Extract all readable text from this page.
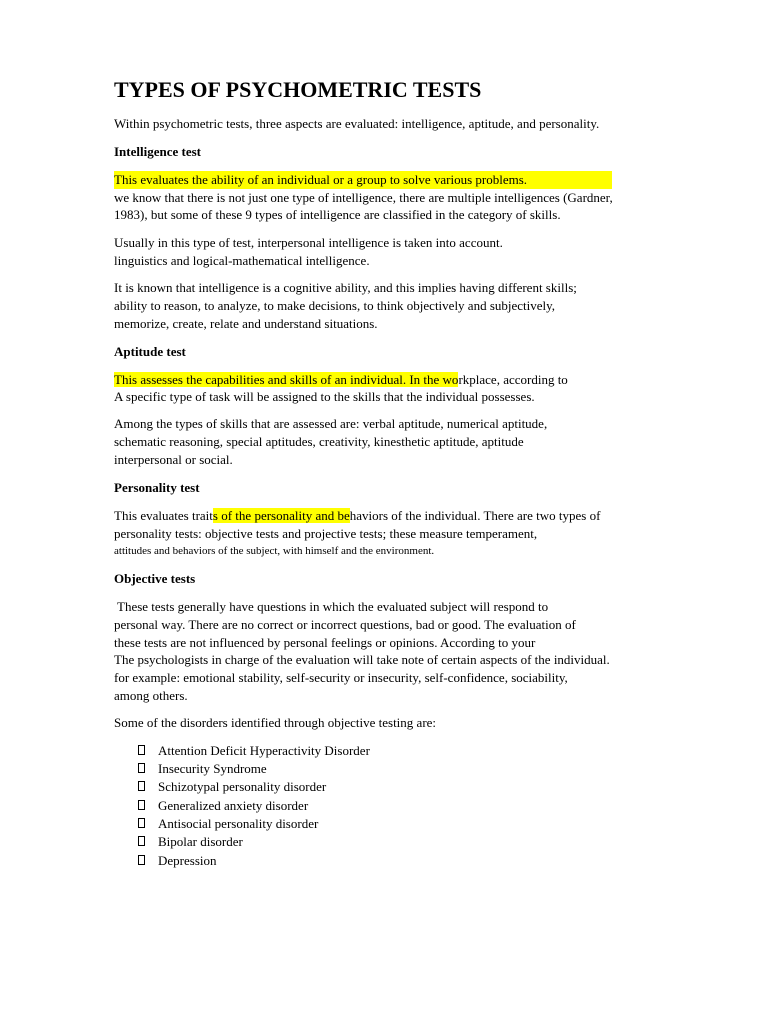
TYPES OF PSYCHOMETRIC TESTS

Within psychometric tests, three aspects are evaluated: intelligence, aptitude, and personality.

Intelligence test

This evaluates the ability of an individual or a group to solve various problems.

we know that there is not just one type of intelligence, there are multiple intelligences (Gardner,

1983), but some of these 9 types of intelligence are classified in the category of skills.

Usually in this type of test, interpersonal intelligence is taken into account.

linguistics and logical-mathematical intelligence.

It is known that intelligence is a cognitive ability, and this implies having different skills;

ability to reason, to analyze, to make decisions, to think objectively and subjectively,

memorize, create, relate and understand situations.

Aptitude test

This assesses the capabilities and skills of an individual. In the workplace, according to

A specific type of task will be assigned to the skills that the individual possesses.

Among the types of skills that are assessed are: verbal aptitude, numerical aptitude,

schematic reasoning, special aptitudes, creativity, kinesthetic aptitude, aptitude

interpersonal or social.

Personality test

This evaluates traits of the personality and behaviors of the individual. There are two types of

personality tests: objective tests and projective tests; these measure temperament,

attitudes and behaviors of the subject, with himself and the environment.

Objective tests

These tests generally have questions in which the evaluated subject will respond to

personal way. There are no correct or incorrect questions, bad or good. The evaluation of

these tests are not influenced by personal feelings or opinions. According to your

The psychologists in charge of the evaluation will take note of certain aspects of the individual.

for example: emotional stability, self-security or insecurity, self-confidence, sociability,

among others.

Some of the disorders identified through objective testing are:

Attention Deficit Hyperactivity Disorder
Insecurity Syndrome
Schizotypal personality disorder
Generalized anxiety disorder
Antisocial personality disorder
Bipolar disorder
Depression
